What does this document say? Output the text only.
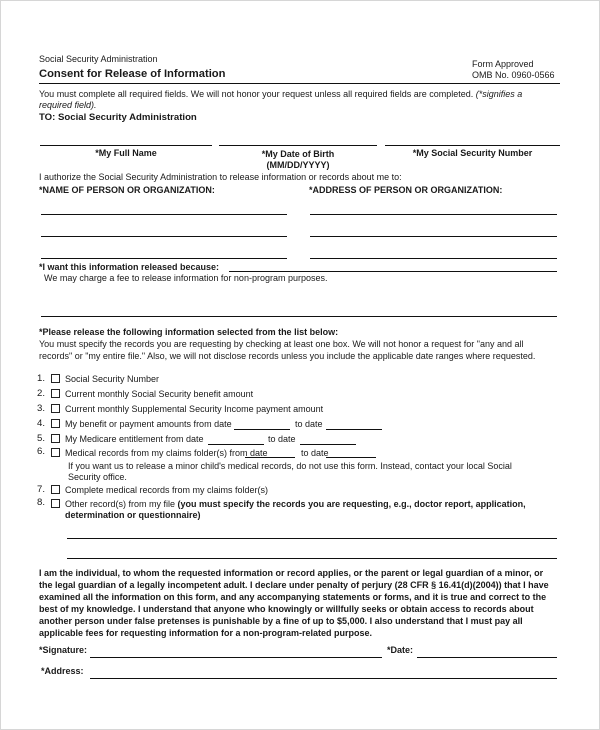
Social Security Administration
Consent for Release of Information
Form Approved
OMB No. 0960-0566
You must complete all required fields. We will not honor your request unless all required fields are completed. (*signifies a
required field).
TO: Social Security Administration
*My Full Name	*My Date of Birth
(MM/DD/YYYY)
*My Social Security Number
I authorize the Social Security Administration to release information or records about me to:
*NAME OF PERSON OR ORGANIZATION:	*ADDRESS OF PERSON OR ORGANIZATION:
*I want this information released because:
We may charge a fee to release information for non-program purposes.
*Please release the following information selected from the list below:
You must specify the records you are requesting by checking at least one box. We will not honor a request for "any and all
records" or "my entire file." Also, we will not disclose records unless you include the applicable date ranges where requested.
1. Social Security Number
2. Current monthly Social Security benefit amount
3. Current monthly Supplemental Security Income payment amount
4. My benefit or payment amounts from date	to date
5. My Medicare entitlement from date	to date
6. Medical records from my claims folder(s) from date	to date
If you want us to release a minor child's medical records, do not use this form. Instead, contact your local Social
Security office.
7. Complete medical records from my claims folder(s)
8. Other record(s) from my file (you must specify the records you are requesting, e.g., doctor report, application,
determination or questionnaire)
I am the individual, to whom the requested information or record applies, or the parent or legal guardian of a minor, or
the legal guardian of a legally incompetent adult. I declare under penalty of perjury (28 CFR § 16.41(d)(2004)) that I have
examined all the information on this form, and any accompanying statements or forms, and it is true and correct to the
best of my knowledge. I understand that anyone who knowingly or willfully seeks or obtain access to records about
another person under false pretenses is punishable by a fine of up to $5,000. I also understand that I must pay all
applicable fees for requesting information for a non-program-related purpose.
*Signature:	*Date:
*Address:
